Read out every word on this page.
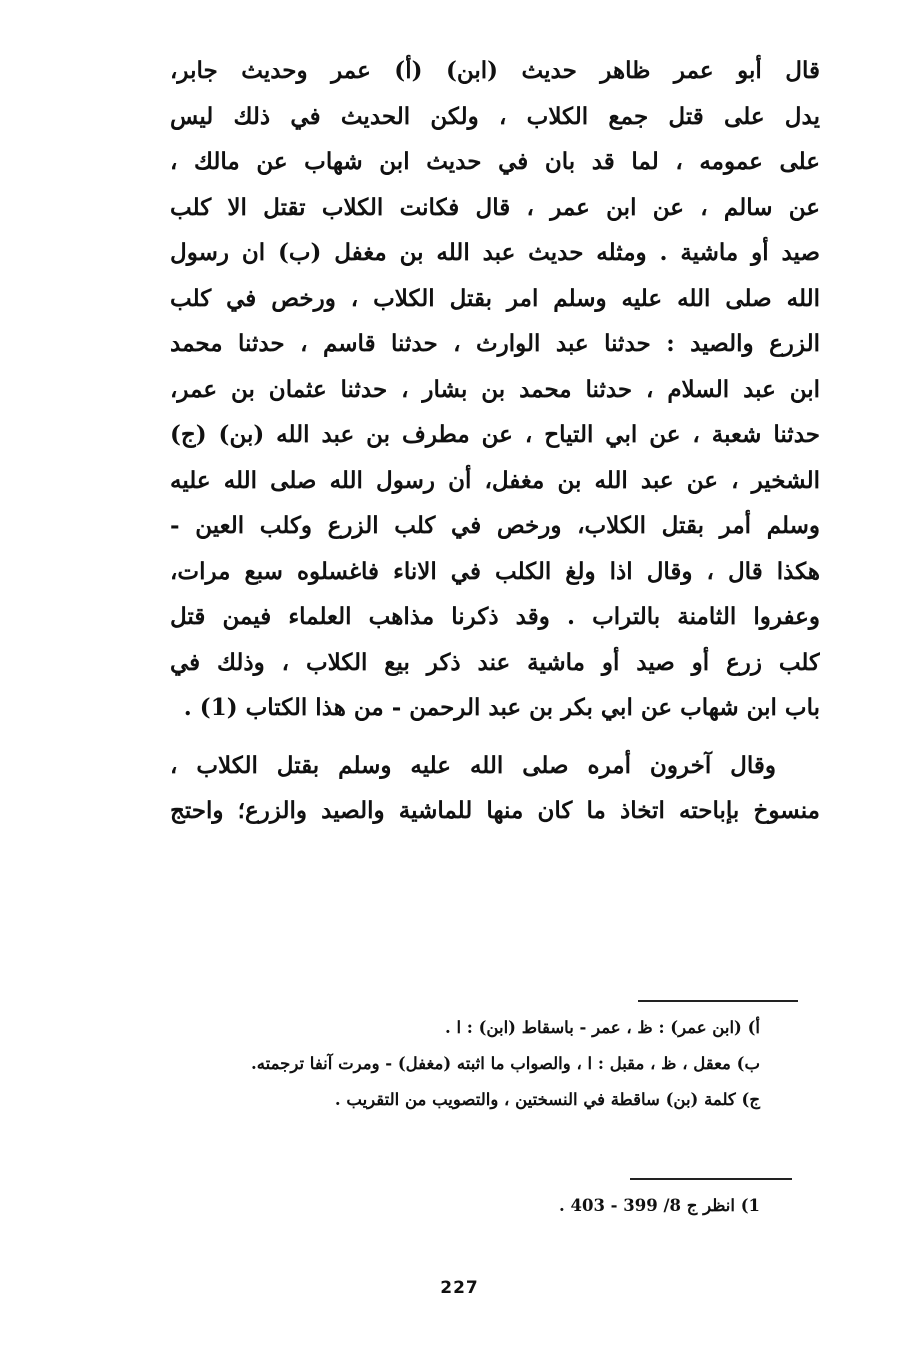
قال أبو عمر ظاهر حديث (ابن) (أ) عمر وحديث جابر،
يدل على قتل جمع الكلاب ، ولكن الحديث في ذلك ليس
على عمومه ، لما قد بان في حديث ابن شهاب عن مالك ،
عن سالم ، عن ابن عمر ، قال فكانت الكلاب تقتل الا كلب
صيد أو ماشية . ومثله حديث عبد الله بن مغفل (ب) ان رسول
الله صلى الله عليه وسلم امر بقتل الكلاب ، ورخص في كلب
الزرع والصيد : حدثنا عبد الوارث ، حدثنا قاسم ، حدثنا محمد
ابن عبد السلام ، حدثنا محمد بن بشار ، حدثنا عثمان بن عمر،
حدثنا شعبة ، عن ابي التياح ، عن مطرف بن عبد الله (بن) (ج)
الشخير ، عن عبد الله بن مغفل، أن رسول الله صلى الله عليه
وسلم أمر بقتل الكلاب، ورخص في كلب الزرع وكلب العين -
هكذا قال ، وقال اذا ولغ الكلب في الاناء فاغسلوه سبع مرات،
وعفروا الثامنة بالتراب . وقد ذكرنا مذاهب العلماء فيمن قتل
كلب زرع أو صيد أو ماشية عند ذكر بيع الكلاب ، وذلك في
باب ابن شهاب عن ابي بكر بن عبد الرحمن - من هذا الكتاب (1) .
وقال آخرون أمره صلى الله عليه وسلم بقتل الكلاب ،
منسوخ بإباحته اتخاذ ما كان منها للماشية والصيد والزرع؛ واحتج
أ) (ابن عمر) : ظ ، عمر - باسقاط (ابن) : ا .
ب) معقل ، ظ ، مقبل : ا ، والصواب ما اثبته (مغفل) - ومرت آنفا ترجمته.
ج) كلمة (بن) ساقطة في النسختين ، والتصويب من التقريب .
1) انظر ج 8/ 399 - 403 .
227
